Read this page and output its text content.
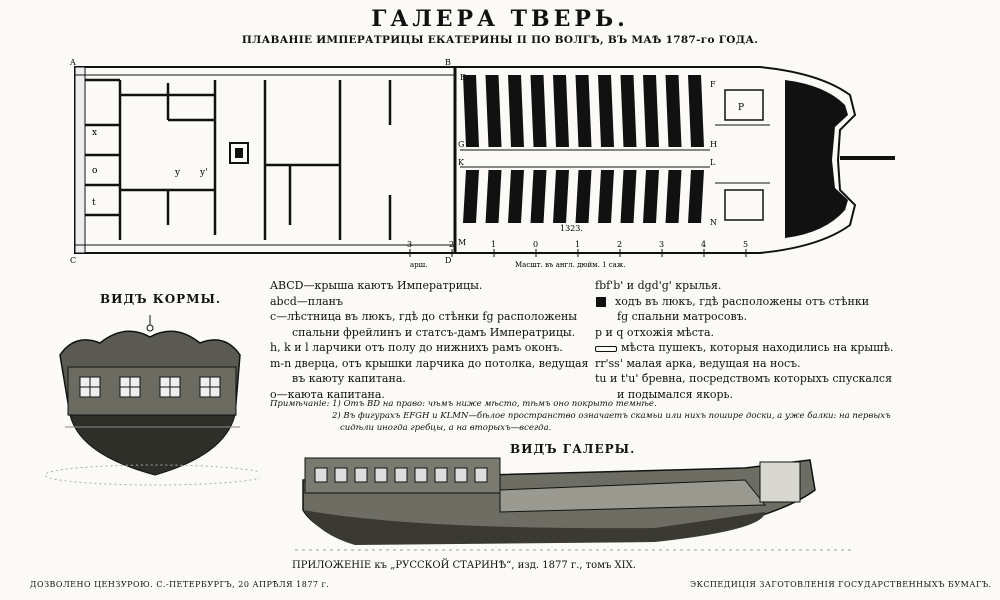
ГАЛЕРА ТВЕРЬ.
ПЛАВАНІЕ ИМПЕРАТРИЦЫ ЕКАТЕРИНЫ II ПО ВОЛГѢ, ВЪ МАѢ 1787-го ГОДА.
A	B
C	D
E
F
G	H
K	L
M
N
P
x
o
t
y y'
1323.
3	2	1	0	1	2	3	4	5
арш.	Масшт. въ англ. дюйм. 1 саж.
ABCD—крыша каютъ Императрицы.
abcd—планъ
с—лѣстница въ люкъ, гдѣ до стѣнки fg расположены
спальни фрейлинъ и статсъ-дамъ Императрицы.
h, k и l ларчики отъ полу до нижнихъ рамъ оконъ.
m-n дверца, отъ крышки ларчика до потолка, ведущая
въ каюту капитана.
о—каюта капитана.
fbf'b' и dgd'g' крылья.
ходъ въ люкъ, гдѣ расположены отъ стѣнки
fg спальни матросовъ.
р и q отхожія мѣста.
мѣста пушекъ, которыя находились на крышѣ.
rr'ss' малая арка, ведущая на носъ.
tu и t'u' бревна, посредствомъ которыхъ спускался
и подымался якорь.
Примѣчаніе: 1) Отъ BD на право: чѣмъ ниже мѣсто, тѣмъ оно покрыто темнѣе.
2) Въ фигурахъ EFGH и KLMN—бѣлое пространство означаетъ скамьи или нихъ пошире доски, а уже балки: на первыхъ
сидѣли иногда гребцы, а на вторыхъ—всегда.
ВИДЪ КОРМЫ.
ВИДЪ ГАЛЕРЫ.
ПРИЛОЖЕНІЕ къ „РУССКОЙ СТАРИНѢ“, изд. 1877 г., томъ XIX.
ДОЗВОЛЕНО ЦЕНЗУРОЮ. С.-ПЕТЕРБУРГЪ, 20 АПРѢЛЯ 1877 г.	ЭКСПЕДИЦІЯ ЗАГОТОВЛЕНІЯ ГОСУДАРСТВЕННЫХЪ БУМАГЪ.
